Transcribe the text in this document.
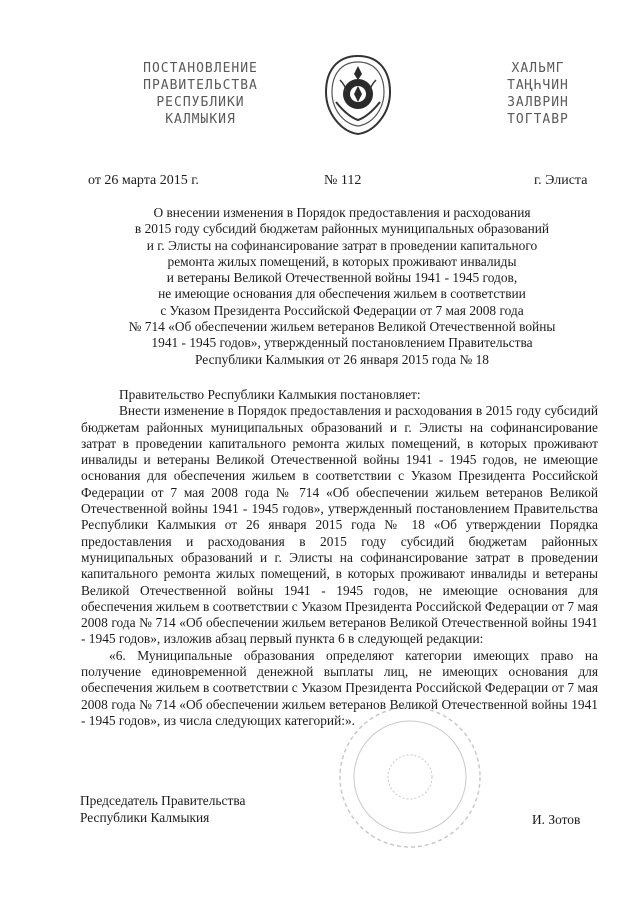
ПОСТАНОВЛЕНИЕ
ПРАВИТЕЛЬСТВА
РЕСПУБЛИКИ
КАЛМЫКИЯ
ХАЛЬМГ
ТАҢҺЧИН
ЗАЛВРИН
ТОГТАВР
от 26 марта 2015 г.	№ 112	г. Элиста
О внесении изменения в Порядок предоставления и расходования
в 2015 году субсидий бюджетам районных муниципальных образований
и г. Элисты на софинансирование затрат в проведении капитального
ремонта жилых помещений, в которых проживают инвалиды
и ветераны Великой Отечественной войны 1941 - 1945 годов,
не имеющие основания для обеспечения жильем в соответствии
с Указом Президента Российской Федерации от 7 мая 2008 года
№ 714 «Об обеспечении жильем ветеранов Великой Отечественной войны
1941 - 1945 годов», утвержденный постановлением Правительства
Республики Калмыкия от 26 января 2015 года № 18

Правительство Республики Калмыкия постановляет:

Внести изменение в Порядок предоставления и расходования в 2015 году субсидий бюджетам районных муниципальных образований и г. Элисты на софинансирование затрат в проведении капитального ремонта жилых помещений, в которых проживают инвалиды и ветераны Великой Отечественной войны 1941 - 1945 годов, не имеющие основания для обеспечения жильем в соответствии с Указом Президента Российской Федерации от 7 мая 2008 года № 714 «Об обеспечении жильем ветеранов Великой Отечественной войны 1941 - 1945 годов», утвержденный постановлением Правительства Республики Калмыкия от 26 января 2015 года № 18 «Об утверждении Порядка предоставления и расходования в 2015 году субсидий бюджетам районных муниципальных образований и г. Элисты на софинансирование затрат в проведении капитального ремонта жилых помещений, в которых проживают инвалиды и ветераны Великой Отечественной войны 1941 - 1945 годов, не имеющие основания для обеспечения жильем в соответствии с Указом Президента Российской Федерации от 7 мая 2008 года № 714 «Об обеспечении жильем ветеранов Великой Отечественной войны 1941 - 1945 годов», изложив абзац первый пункта 6 в следующей редакции:

«6. Муниципальные образования определяют категории имеющих право на получение единовременной денежной выплаты лиц, не имеющих основания для обеспечения жильем в соответствии с Указом Президента Российской Федерации от 7 мая 2008 года № 714 «Об обеспечении жильем ветеранов Великой Отечественной войны 1941 - 1945 годов», из числа следующих категорий:».

Председатель Правительства
Республики Калмыкия	И. Зотов
